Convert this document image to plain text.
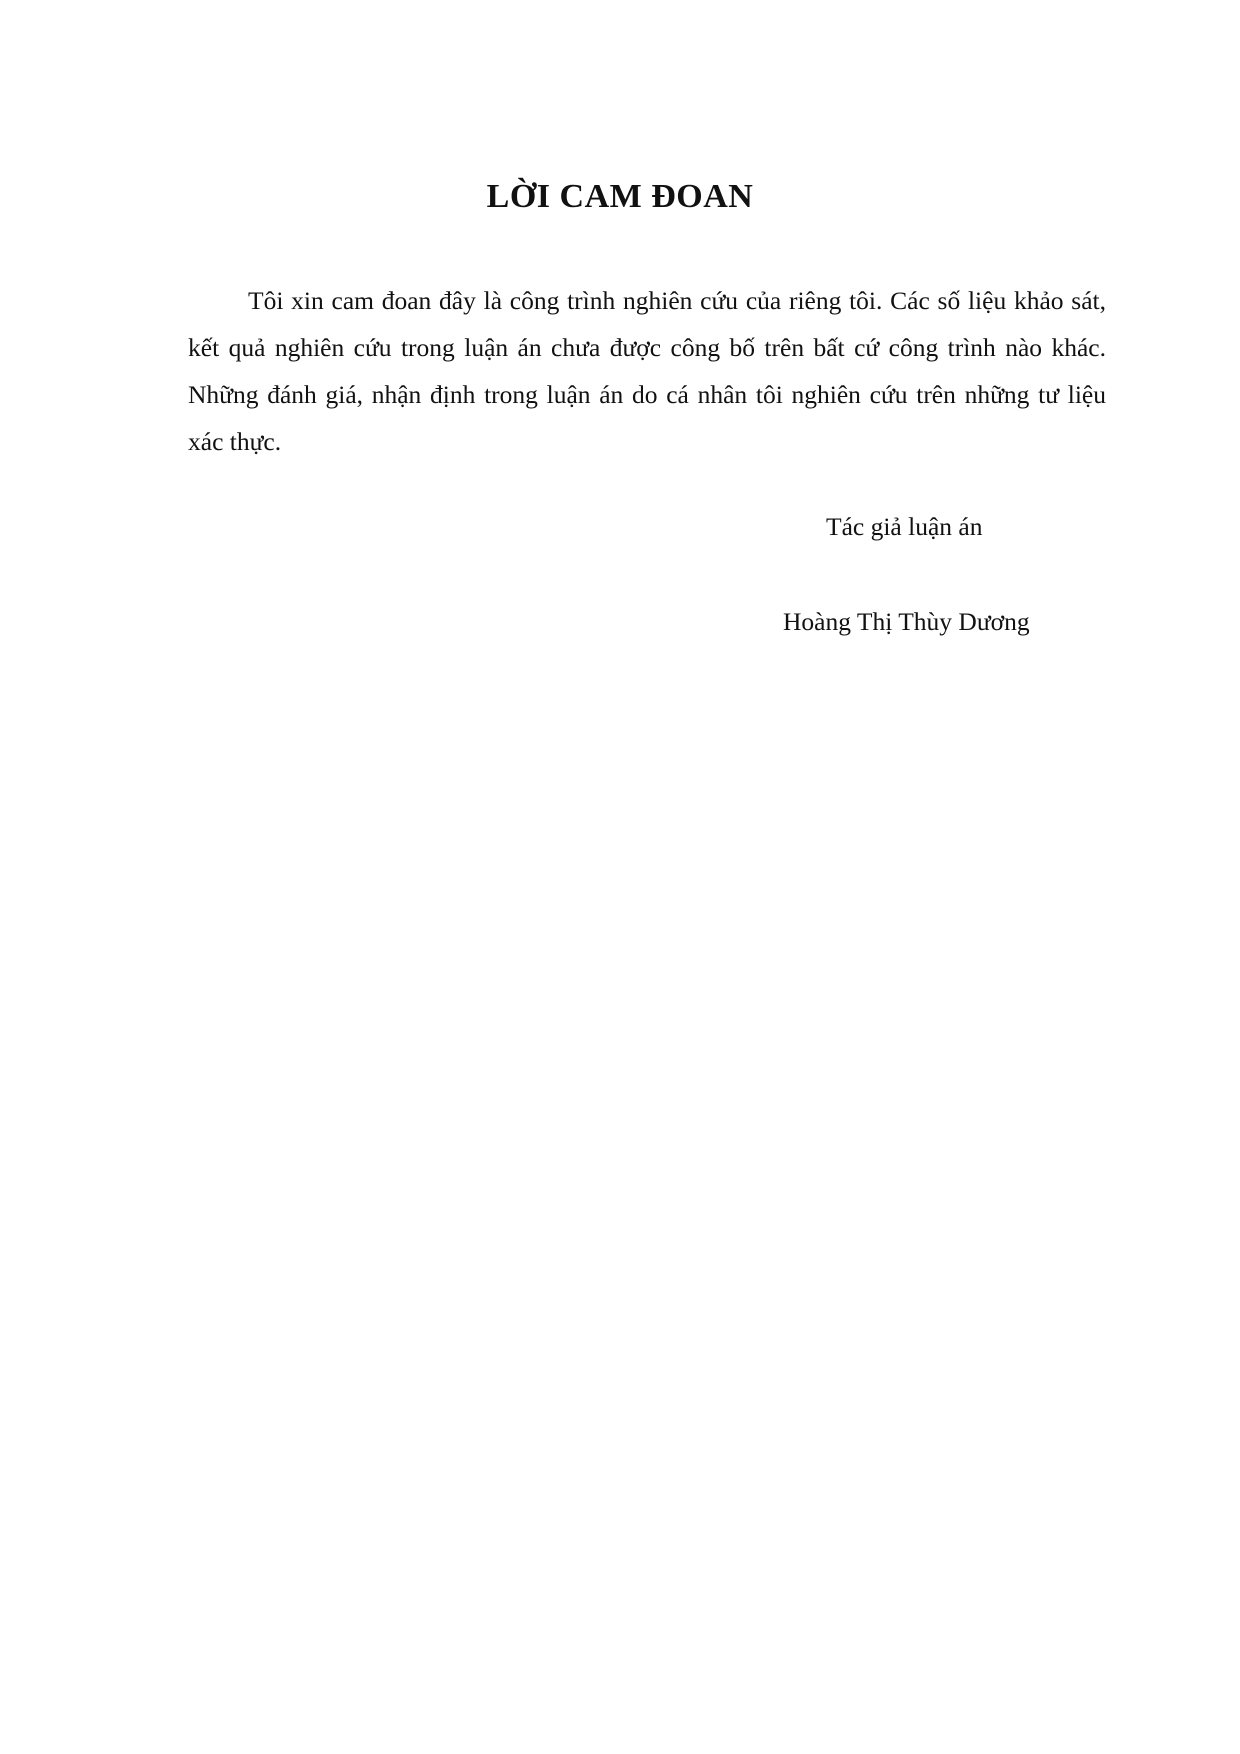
LỜI CAM ĐOAN

Tôi xin cam đoan đây là công trình nghiên cứu của riêng tôi. Các số liệu khảo sát, kết quả nghiên cứu trong luận án chưa được công bố trên bất cứ công trình nào khác. Những đánh giá, nhận định trong luận án do cá nhân tôi nghiên cứu trên những tư liệu xác thực.

Tác giả luận án

Hoàng Thị Thùy Dương
